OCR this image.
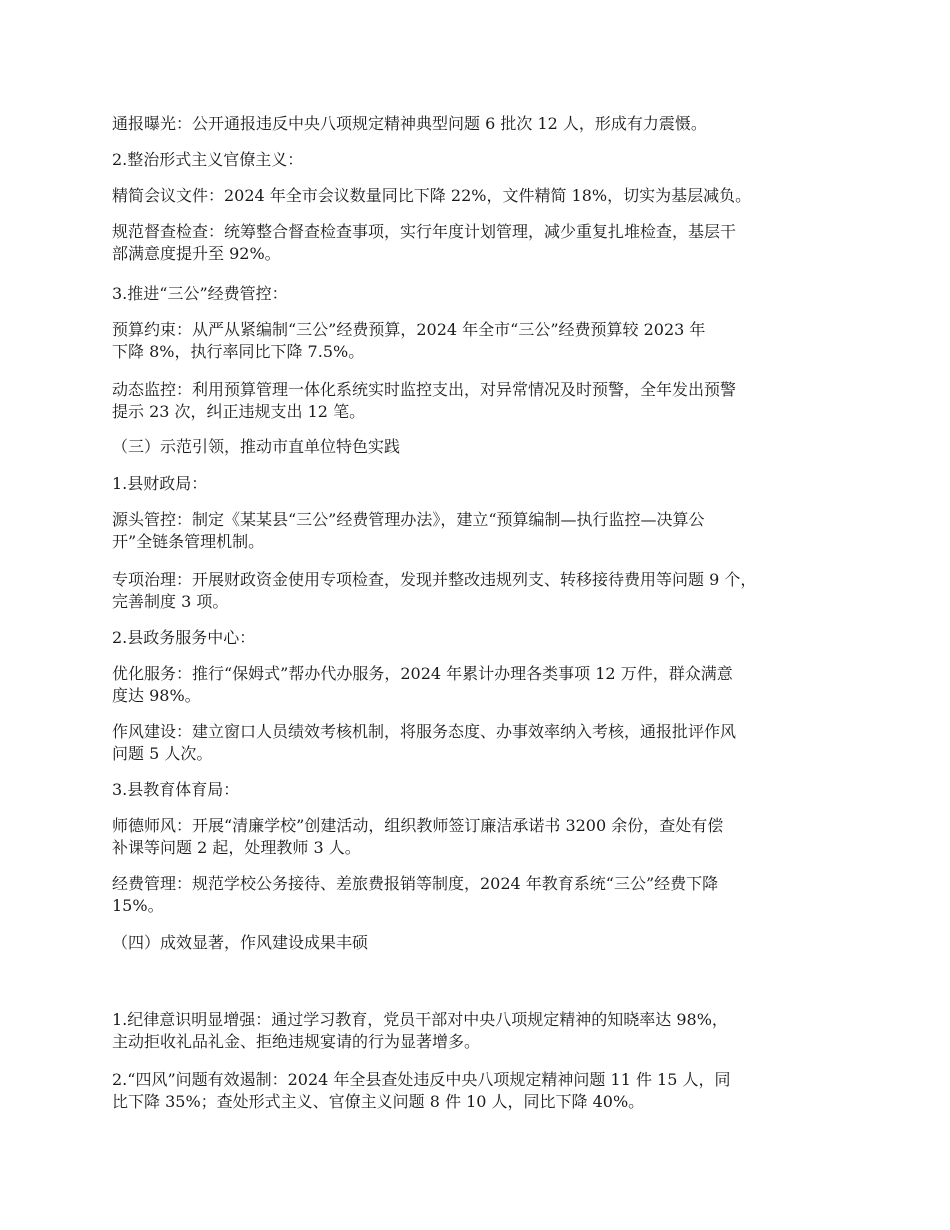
通报曝光：公开通报违反中央八项规定精神典型问题 6 批次 12 人，形成有力震慑。
2.整治形式主义官僚主义：
精简会议文件：2024 年全市会议数量同比下降 22%，文件精简 18%，切实为基层减负。
规范督查检查：统筹整合督查检查事项，实行年度计划管理，减少重复扎堆检查，基层干
部满意度提升至 92%。
3.推进“三公”经费管控：
预算约束：从严从紧编制“三公”经费预算，2024 年全市“三公”经费预算较 2023 年
下降 8%，执行率同比下降 7.5%。
动态监控：利用预算管理一体化系统实时监控支出，对异常情况及时预警，全年发出预警
提示 23 次，纠正违规支出 12 笔。
（三）示范引领，推动市直单位特色实践
1.县财政局：
源头管控：制定《某某县“三公”经费管理办法》，建立“预算编制—执行监控—决算公
开”全链条管理机制。
专项治理：开展财政资金使用专项检查，发现并整改违规列支、转移接待费用等问题 9 个，
完善制度 3 项。
2.县政务服务中心：
优化服务：推行“保姆式”帮办代办服务，2024 年累计办理各类事项 12 万件，群众满意
度达 98%。
作风建设：建立窗口人员绩效考核机制，将服务态度、办事效率纳入考核，通报批评作风
问题 5 人次。
3.县教育体育局：
师德师风：开展“清廉学校”创建活动，组织教师签订廉洁承诺书 3200 余份，查处有偿
补课等问题 2 起，处理教师 3 人。
经费管理：规范学校公务接待、差旅费报销等制度，2024 年教育系统“三公”经费下降
15%。
（四）成效显著，作风建设成果丰硕
1.纪律意识明显增强：通过学习教育，党员干部对中央八项规定精神的知晓率达 98%，
主动拒收礼品礼金、拒绝违规宴请的行为显著增多。
2.“四风”问题有效遏制：2024 年全县查处违反中央八项规定精神问题 11 件 15 人，同
比下降 35%；查处形式主义、官僚主义问题 8 件 10 人，同比下降 40%。
